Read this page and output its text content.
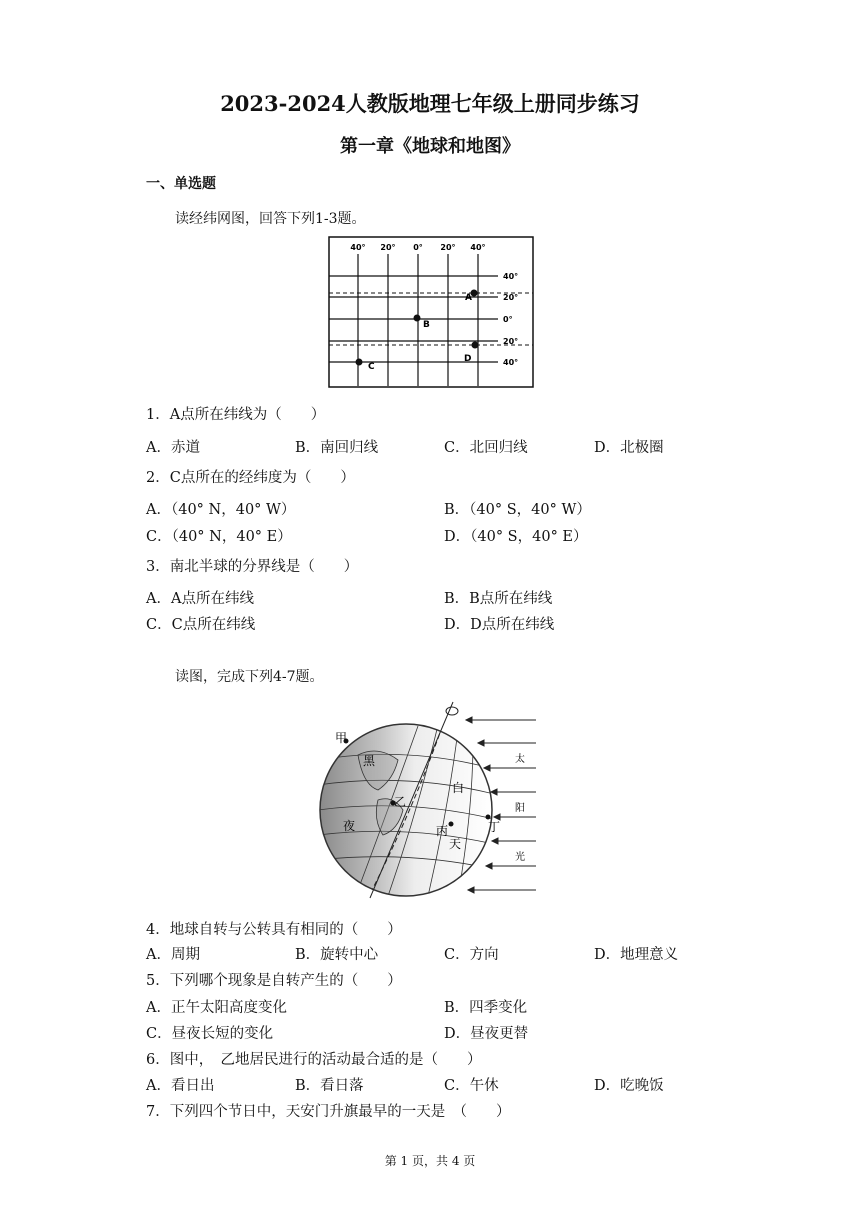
2023-2024人教版地理七年级上册同步练习
第一章《地球和地图》
一、单选题
读经纬网图，回答下列1-3题。
40° 20° 0° 20° 40°
40°
20°
0°
20°
40°
A
B
C
D
1．A点所在纬线为（　　）
A．赤道	B．南回归线	C．北回归线	D．北极圈
2．C点所在的经纬度为（　　）
A．（40° N，40° W）	B．（40° S，40° W）
C．（40° N，40° E）	D．（40° S，40° E）
3．南北半球的分界线是（　　）
A．A点所在纬线	B．B点所在纬线
C．C点所在纬线	D．D点所在纬线
读图，完成下列4-7题。
甲
乙
丙	丁
黑
夜
白
天
太
阳
光
4．地球自转与公转具有相同的（　　）
A．周期	B．旋转中心	C．方向	D．地理意义
5．下列哪个现象是自转产生的（　　）
A．正午太阳高度变化	B．四季变化
C．昼夜长短的变化	D．昼夜更替
6．图中，　乙地居民进行的活动最合适的是（　　）
A．看日出	B．看日落	C．午休	D．吃晚饭
7．下列四个节日中，天安门升旗最早的一天是　（　　）
第 1 页，共 4 页
